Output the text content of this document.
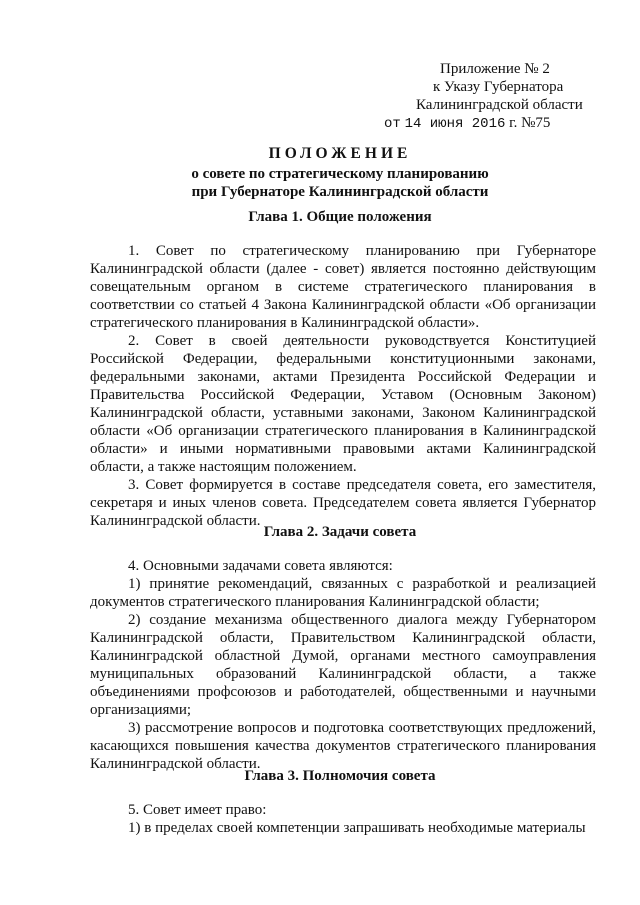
Приложение № 2
к Указу Губернатора
Калининградской области
от 14 июня 2016 г. №75
ПОЛОЖЕНИЕ
о совете по стратегическому планированию
при Губернаторе Калининградской области
Глава 1. Общие положения

1. Совет по стратегическому планированию при Губернаторе Калининградской области (далее - совет) является постоянно действующим совещательным органом в системе стратегического планирования в соответствии со статьей 4 Закона Калининградской области «Об организации стратегического планирования в Калининградской области».

2. Совет в своей деятельности руководствуется Конституцией Российской Федерации, федеральными конституционными законами, федеральными законами, актами Президента Российской Федерации и Правительства Российской Федерации, Уставом (Основным Законом) Калининградской области, уставными законами, Законом Калининградской области «Об организации стратегического планирования в Калининградской области» и иными нормативными правовыми актами Калининградской области, а также настоящим положением.

3. Совет формируется в составе председателя совета, его заместителя, секретаря и иных членов совета. Председателем совета является Губернатор Калининградской области.

Глава 2. Задачи совета

4. Основными задачами совета являются:

1) принятие рекомендаций, связанных с разработкой и реализацией документов стратегического планирования Калининградской области;

2) создание механизма общественного диалога между Губернатором Калининградской области, Правительством Калининградской области, Калининградской областной Думой, органами местного самоуправления муниципальных образований Калининградской области, а также объединениями профсоюзов и работодателей, общественными и научными организациями;

3) рассмотрение вопросов и подготовка соответствующих предложений, касающихся повышения качества документов стратегического планирования Калининградской области.

Глава 3. Полномочия совета

5. Совет имеет право:

1) в пределах своей компетенции запрашивать необходимые материалы
